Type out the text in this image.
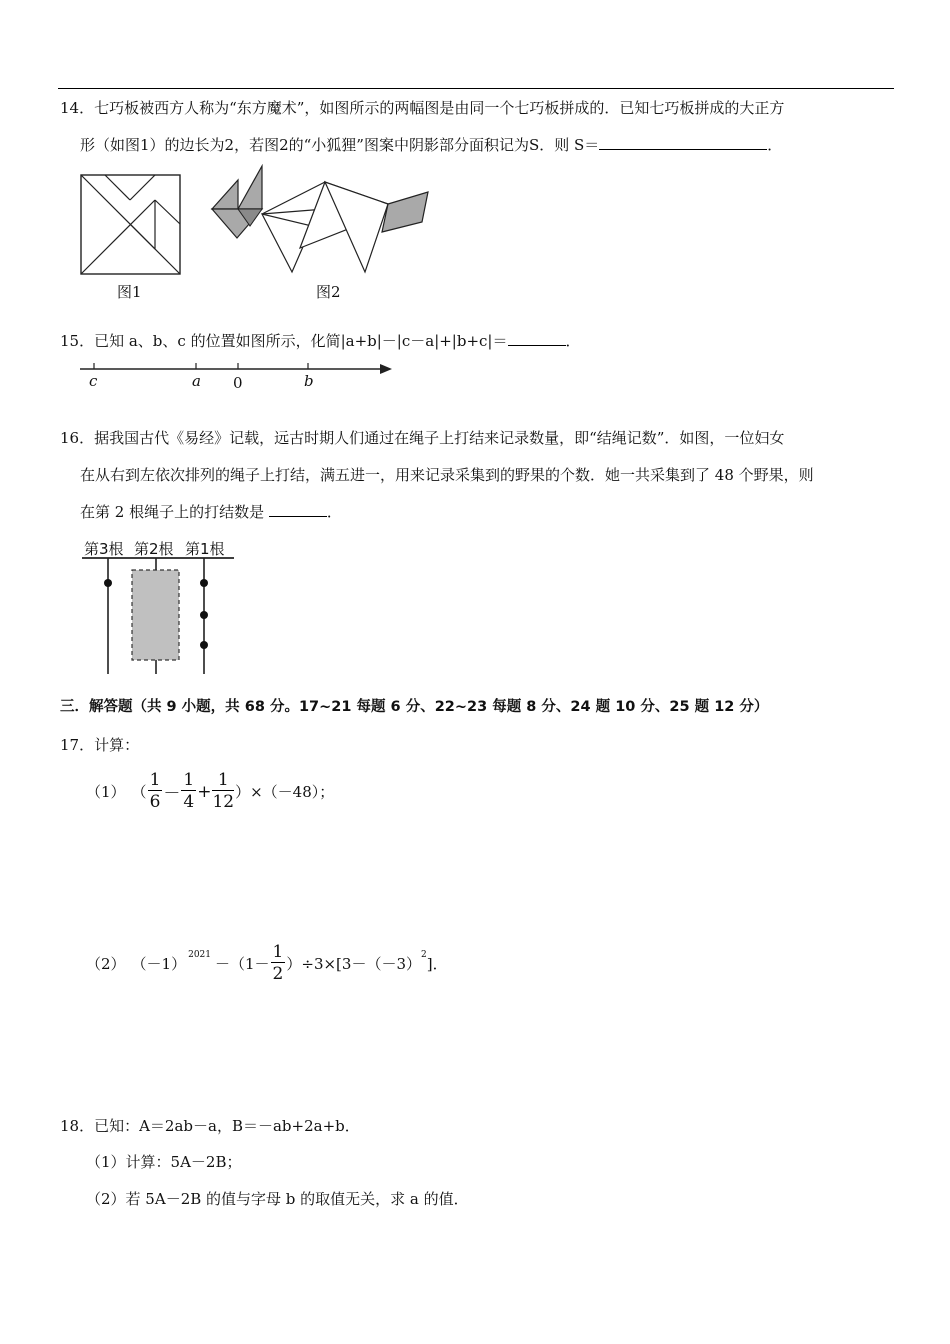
14．七巧板被西方人称为“东方魔术”，如图所示的两幅图是由同一个七巧板拼成的．已知七巧板拼成的大正方
形（如图1）的边长为2，若图2的“小狐狸”图案中阴影部分面积记为S．则 S＝	．
图1	图2
15．已知 a、b、c 的位置如图所示，化简|a+b|－|c－a|+|b+c|＝	．
c	a 0	b
16．据我国古代《易经》记载，远古时期人们通过在绳子上打结来记录数量，即“结绳记数”．如图，一位妇女
在从右到左依次排列的绳子上打结，满五进一，用来记录采集到的野果的个数．她一共采集到了 48 个野果，则
在第 2 根绳子上的打结数是	．
第3根 第2根 第1根
三．解答题（共 9 小题，共 68 分。17~21 每题 6 分、22~23 每题 8 分、24 题 10 分、25 题 12 分）
17．计算：
（1） （ $\frac{1}{6} - \frac{1}{4} + \frac{1}{12} )\times(-48)$；
（2） （－1） $2021 -(1- \frac{1}{2} )\div 3\times[3-(-3)$ 2 ]．
18．已知：A＝2ab－a，B＝－ab+2a+b．
（1）计算：5A－2B；
（2）若 5A－2B 的值与字母 b 的取值无关，求 a 的值．
